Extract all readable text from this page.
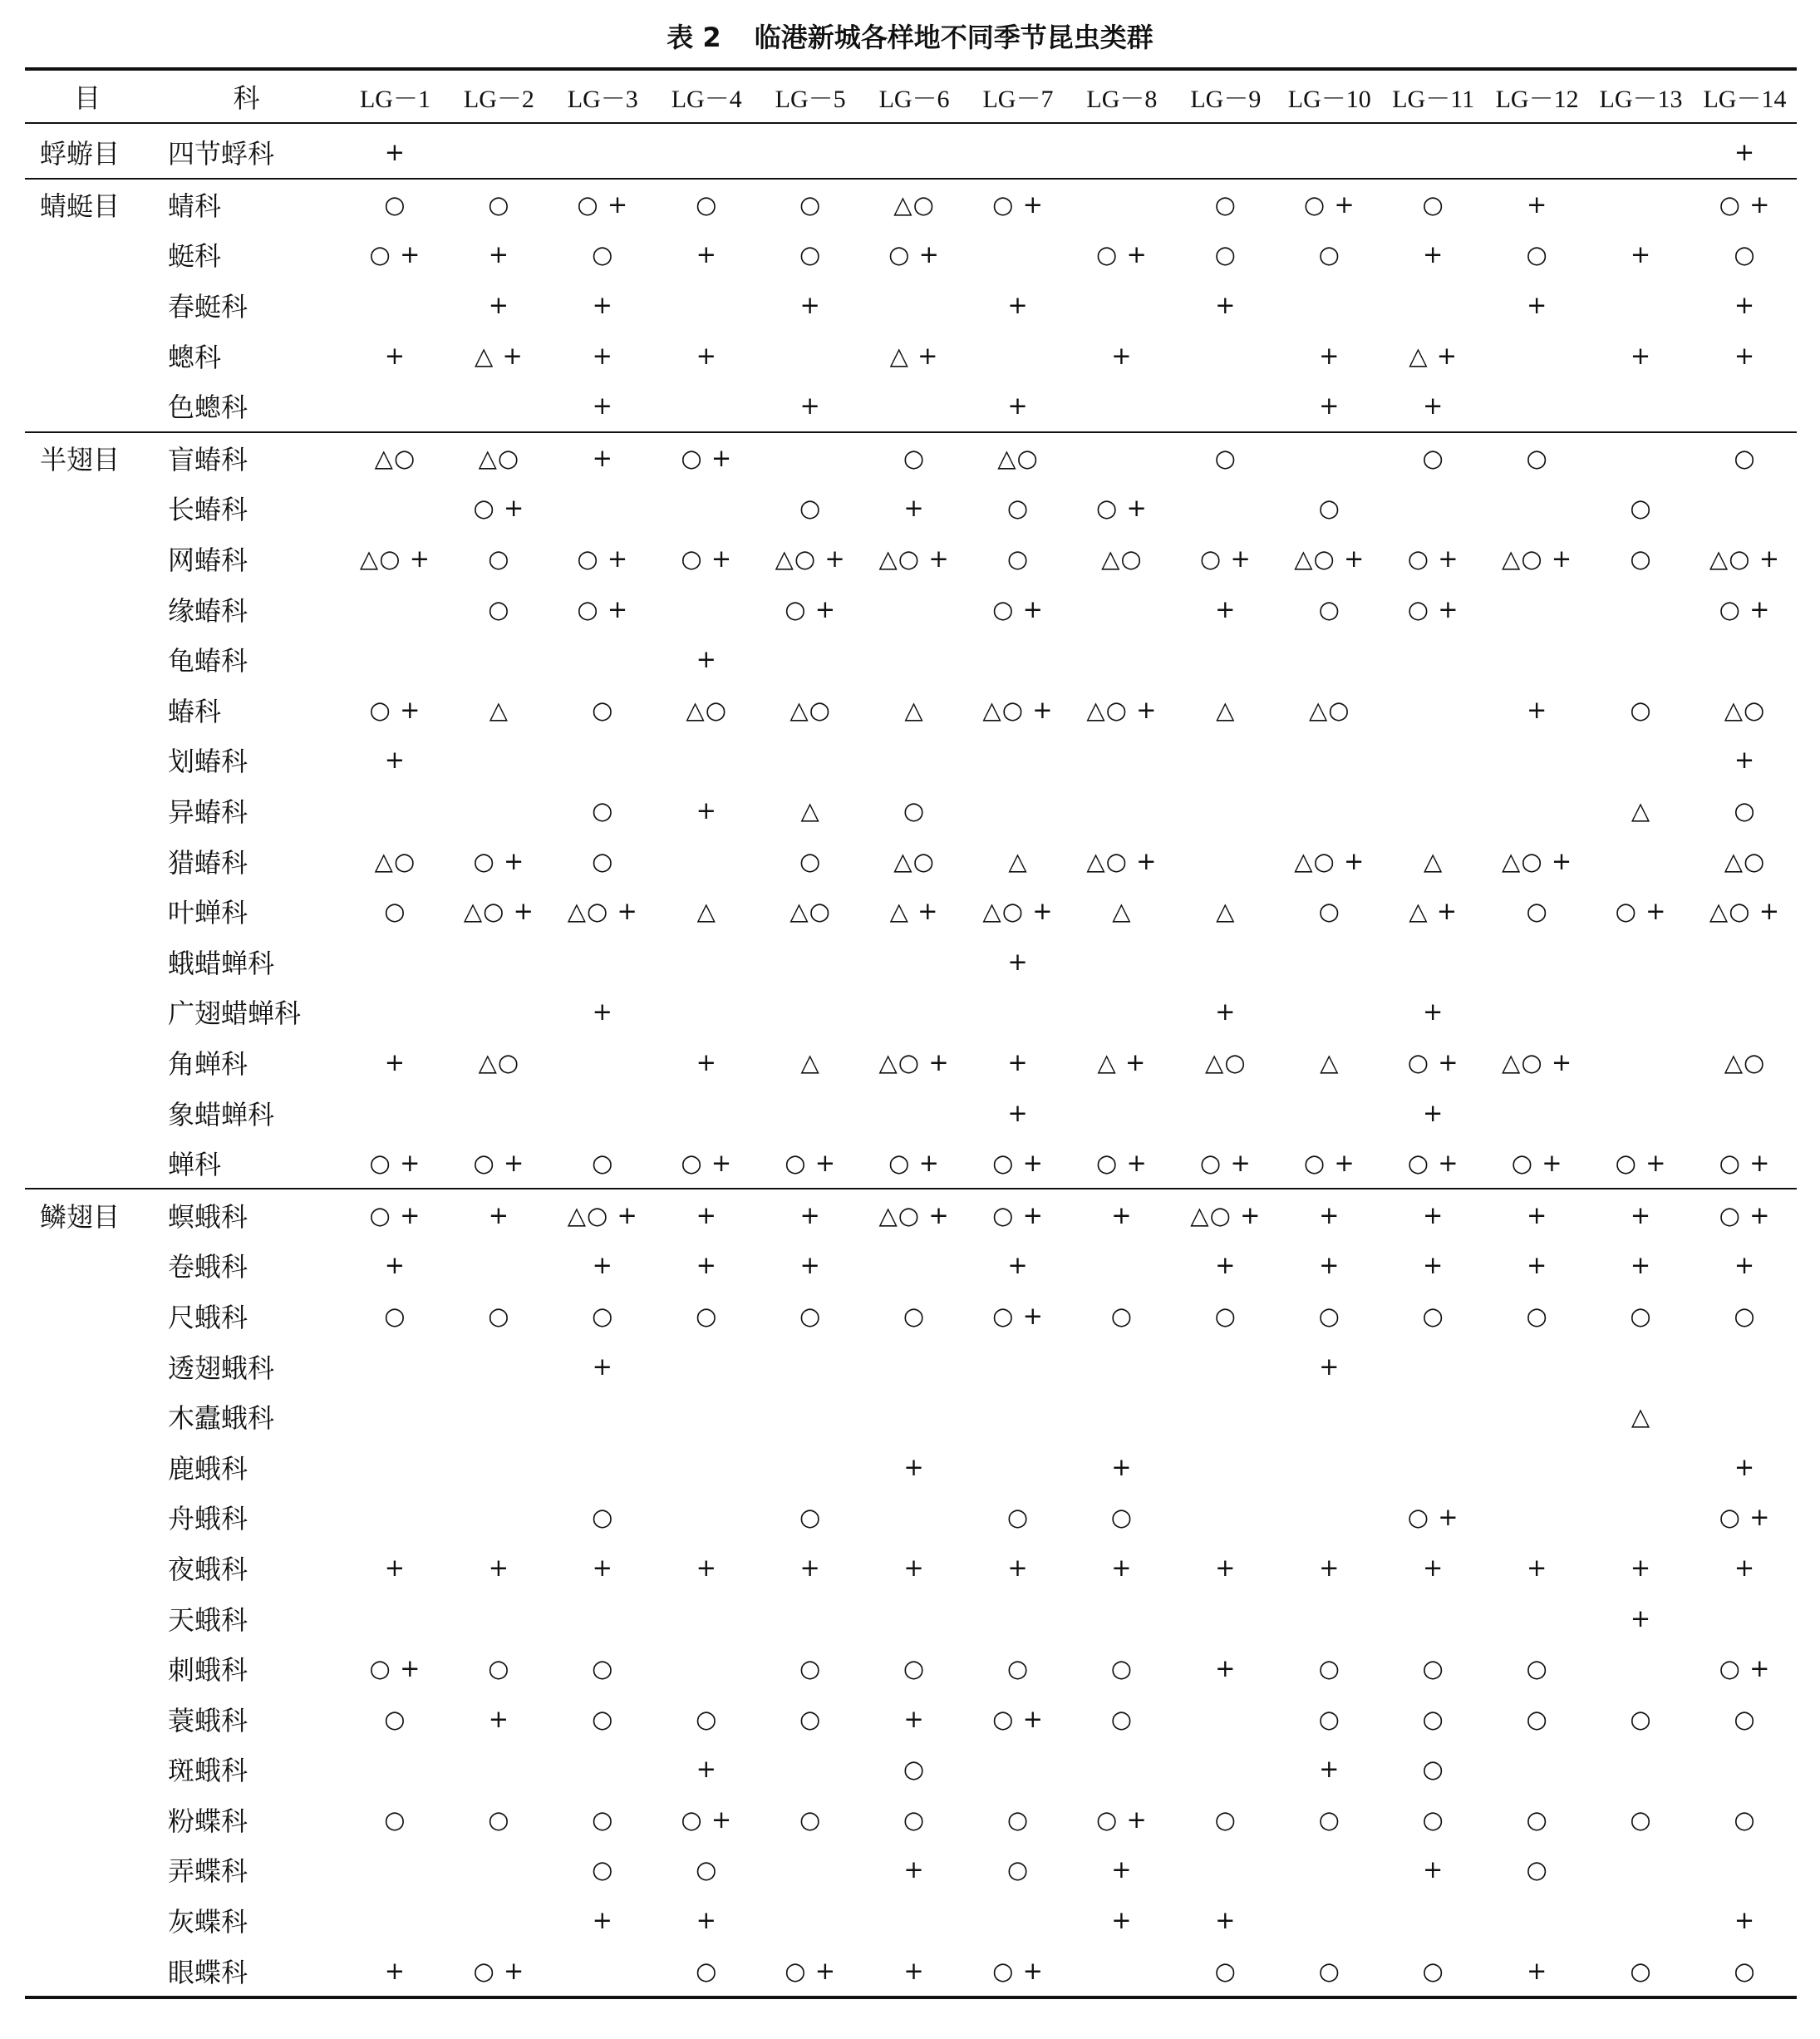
表 2 临港新城各样地不同季节昆虫类群
目	科	LG－1	LG－2	LG－3	LG－4	LG－5	LG－6	LG－7	LG－8	LG－9	LG－10	LG－11	LG－12	LG－13	LG－14
蜉蝣目	四节蜉科	+													+
蜻蜓目	蜻科	○	○	○ +	○	○	△○	○ +		○	○ +	○	+		○ +
	蜓科	○ +	+	○	+	○	○ +		○ +	○	○	+	○	+	○
	春蜓科		+	+		+		+		+			+		+
	蟌科	+	△ +	+	+		△ +		+		+	△ +		+	+
	色蟌科			+		+		+			+	+			
半翅目	盲蝽科	△○	△○	+	○ +		○	△○		○		○	○		○
	长蝽科		○ +			○	+	○	○ +		○			○	
	网蝽科	△○ +	○	○ +	○ +	△○ +	△○ +	○	△○	○ +	△○ +	○ +	△○ +	○	△○ +
	缘蝽科		○	○ +		○ +		○ +		+	○	○ +			○ +
	龟蝽科				+										
	蝽科	○ +	△	○	△○	△○	△	△○ +	△○ +	△	△○		+	○	△○
	划蝽科	+													+
	异蝽科			○	+	△	○							△	○
	猎蝽科	△○	○ +	○		○	△○	△	△○ +		△○ +	△	△○ +		△○
	叶蝉科	○	△○ +	△○ +	△	△○	△ +	△○ +	△	△	○	△ +	○	○ +	△○ +
	蛾蜡蝉科							+							
	广翅蜡蝉科			+						+		+			
	角蝉科	+	△○		+	△	△○ +	+	△ +	△○	△	○ +	△○ +		△○
	象蜡蝉科							+				+			
	蝉科	○ +	○ +	○	○ +	○ +	○ +	○ +	○ +	○ +	○ +	○ +	○ +	○ +	○ +
鳞翅目	螟蛾科	○ +	+	△○ +	+	+	△○ +	○ +	+	△○ +	+	+	+	+	○ +
	卷蛾科	+		+	+	+		+		+	+	+	+	+	+
	尺蛾科	○	○	○	○	○	○	○ +	○	○	○	○	○	○	○
	透翅蛾科			+							+				
	木蠹蛾科													△	
	鹿蛾科						+		+						+
	舟蛾科			○		○		○	○			○ +			○ +
	夜蛾科	+	+	+	+	+	+	+	+	+	+	+	+	+	+
	天蛾科													+	
	刺蛾科	○ +	○	○		○	○	○	○	+	○	○	○		○ +
	蓑蛾科	○	+	○	○	○	+	○ +	○		○	○	○	○	○
	斑蛾科				+		○				+	○			
	粉蝶科	○	○	○	○ +	○	○	○	○ +	○	○	○	○	○	○
	弄蝶科			○	○		+	○	+			+	○		
	灰蝶科			+	+				+	+					+
	眼蝶科	+	○ +		○	○ +	+	○ +		○	○	○	+	○	○
